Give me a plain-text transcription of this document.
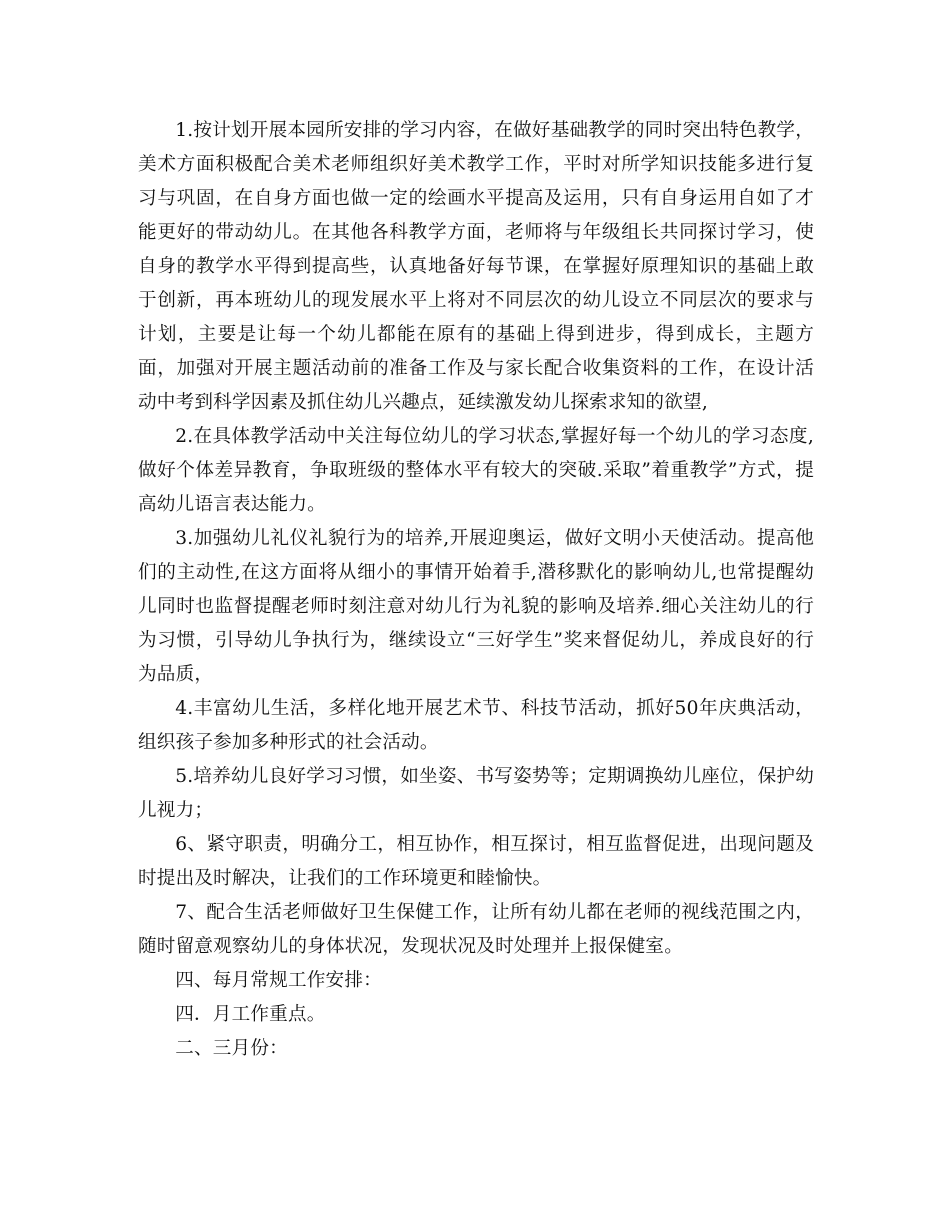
1.按计划开展本园所安排的学习内容，在做好基础教学的同时突出特色教学，美术方面积极配合美术老师组织好美术教学工作，平时对所学知识技能多进行复习与巩固，在自身方面也做一定的绘画水平提高及运用，只有自身运用自如了才能更好的带动幼儿。在其他各科教学方面，老师将与年级组长共同探讨学习，使自身的教学水平得到提高些，认真地备好每节课，在掌握好原理知识的基础上敢于创新，再本班幼儿的现发展水平上将对不同层次的幼儿设立不同层次的要求与计划，主要是让每一个幼儿都能在原有的基础上得到进步，得到成长，主题方面，加强对开展主题活动前的准备工作及与家长配合收集资料的工作，在设计活动中考到科学因素及抓住幼儿兴趣点，延续激发幼儿探索求知的欲望,

2.在具体教学活动中关注每位幼儿的学习状态,掌握好每一个幼儿的学习态度,做好个体差异教育，争取班级的整体水平有较大的突破.采取”着重教学”方式，提高幼儿语言表达能力。

3.加强幼儿礼仪礼貌行为的培养,开展迎奥运，做好文明小天使活动。提高他们的主动性,在这方面将从细小的事情开始着手,潜移默化的影响幼儿,也常提醒幼儿同时也监督提醒老师时刻注意对幼儿行为礼貌的影响及培养.细心关注幼儿的行为习惯，引导幼儿争执行为，继续设立“三好学生”奖来督促幼儿，养成良好的行为品质，

4.丰富幼儿生活，多样化地开展艺术节、科技节活动，抓好50年庆典活动，组织孩子参加多种形式的社会活动。

5.培养幼儿良好学习习惯，如坐姿、书写姿势等；定期调换幼儿座位，保护幼儿视力；

6、紧守职责，明确分工，相互协作，相互探讨，相互监督促进，出现问题及时提出及时解决，让我们的工作环境更和睦愉快。

7、配合生活老师做好卫生保健工作，让所有幼儿都在老师的视线范围之内，随时留意观察幼儿的身体状况，发现状况及时处理并上报保健室。

四、每月常规工作安排：

四．月工作重点。

二、三月份：
